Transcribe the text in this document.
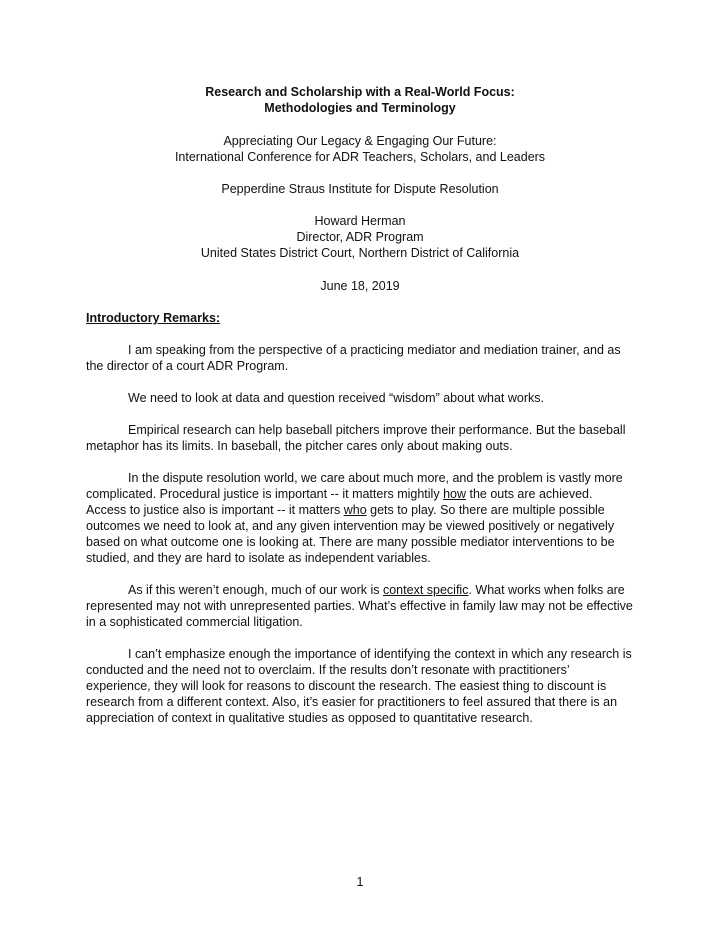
Research and Scholarship with a Real-World Focus:

Methodologies and Terminology

Appreciating Our Legacy & Engaging Our Future:

International Conference for ADR Teachers, Scholars, and Leaders

Pepperdine Straus Institute for Dispute Resolution

Howard Herman

Director, ADR Program

United States District Court, Northern District of California

June 18, 2019

Introductory Remarks:

I am speaking from the perspective of a practicing mediator and mediation trainer, and as the director of a court ADR Program.

We need to look at data and question received “wisdom” about what works.

Empirical research can help baseball pitchers improve their performance. But the baseball metaphor has its limits. In baseball, the pitcher cares only about making outs.

In the dispute resolution world, we care about much more, and the problem is vastly more complicated. Procedural justice is important -- it matters mightily how the outs are achieved. Access to justice also is important -- it matters who gets to play. So there are multiple possible outcomes we need to look at, and any given intervention may be viewed positively or negatively based on what outcome one is looking at. There are many possible mediator interventions to be studied, and they are hard to isolate as independent variables.

As if this weren’t enough, much of our work is context specific. What works when folks are represented may not with unrepresented parties. What’s effective in family law may not be effective in a sophisticated commercial litigation.

I can’t emphasize enough the importance of identifying the context in which any research is conducted and the need not to overclaim. If the results don’t resonate with practitioners’ experience, they will look for reasons to discount the research. The easiest thing to discount is research from a different context. Also, it’s easier for practitioners to feel assured that there is an appreciation of context in qualitative studies as opposed to quantitative research.

1
